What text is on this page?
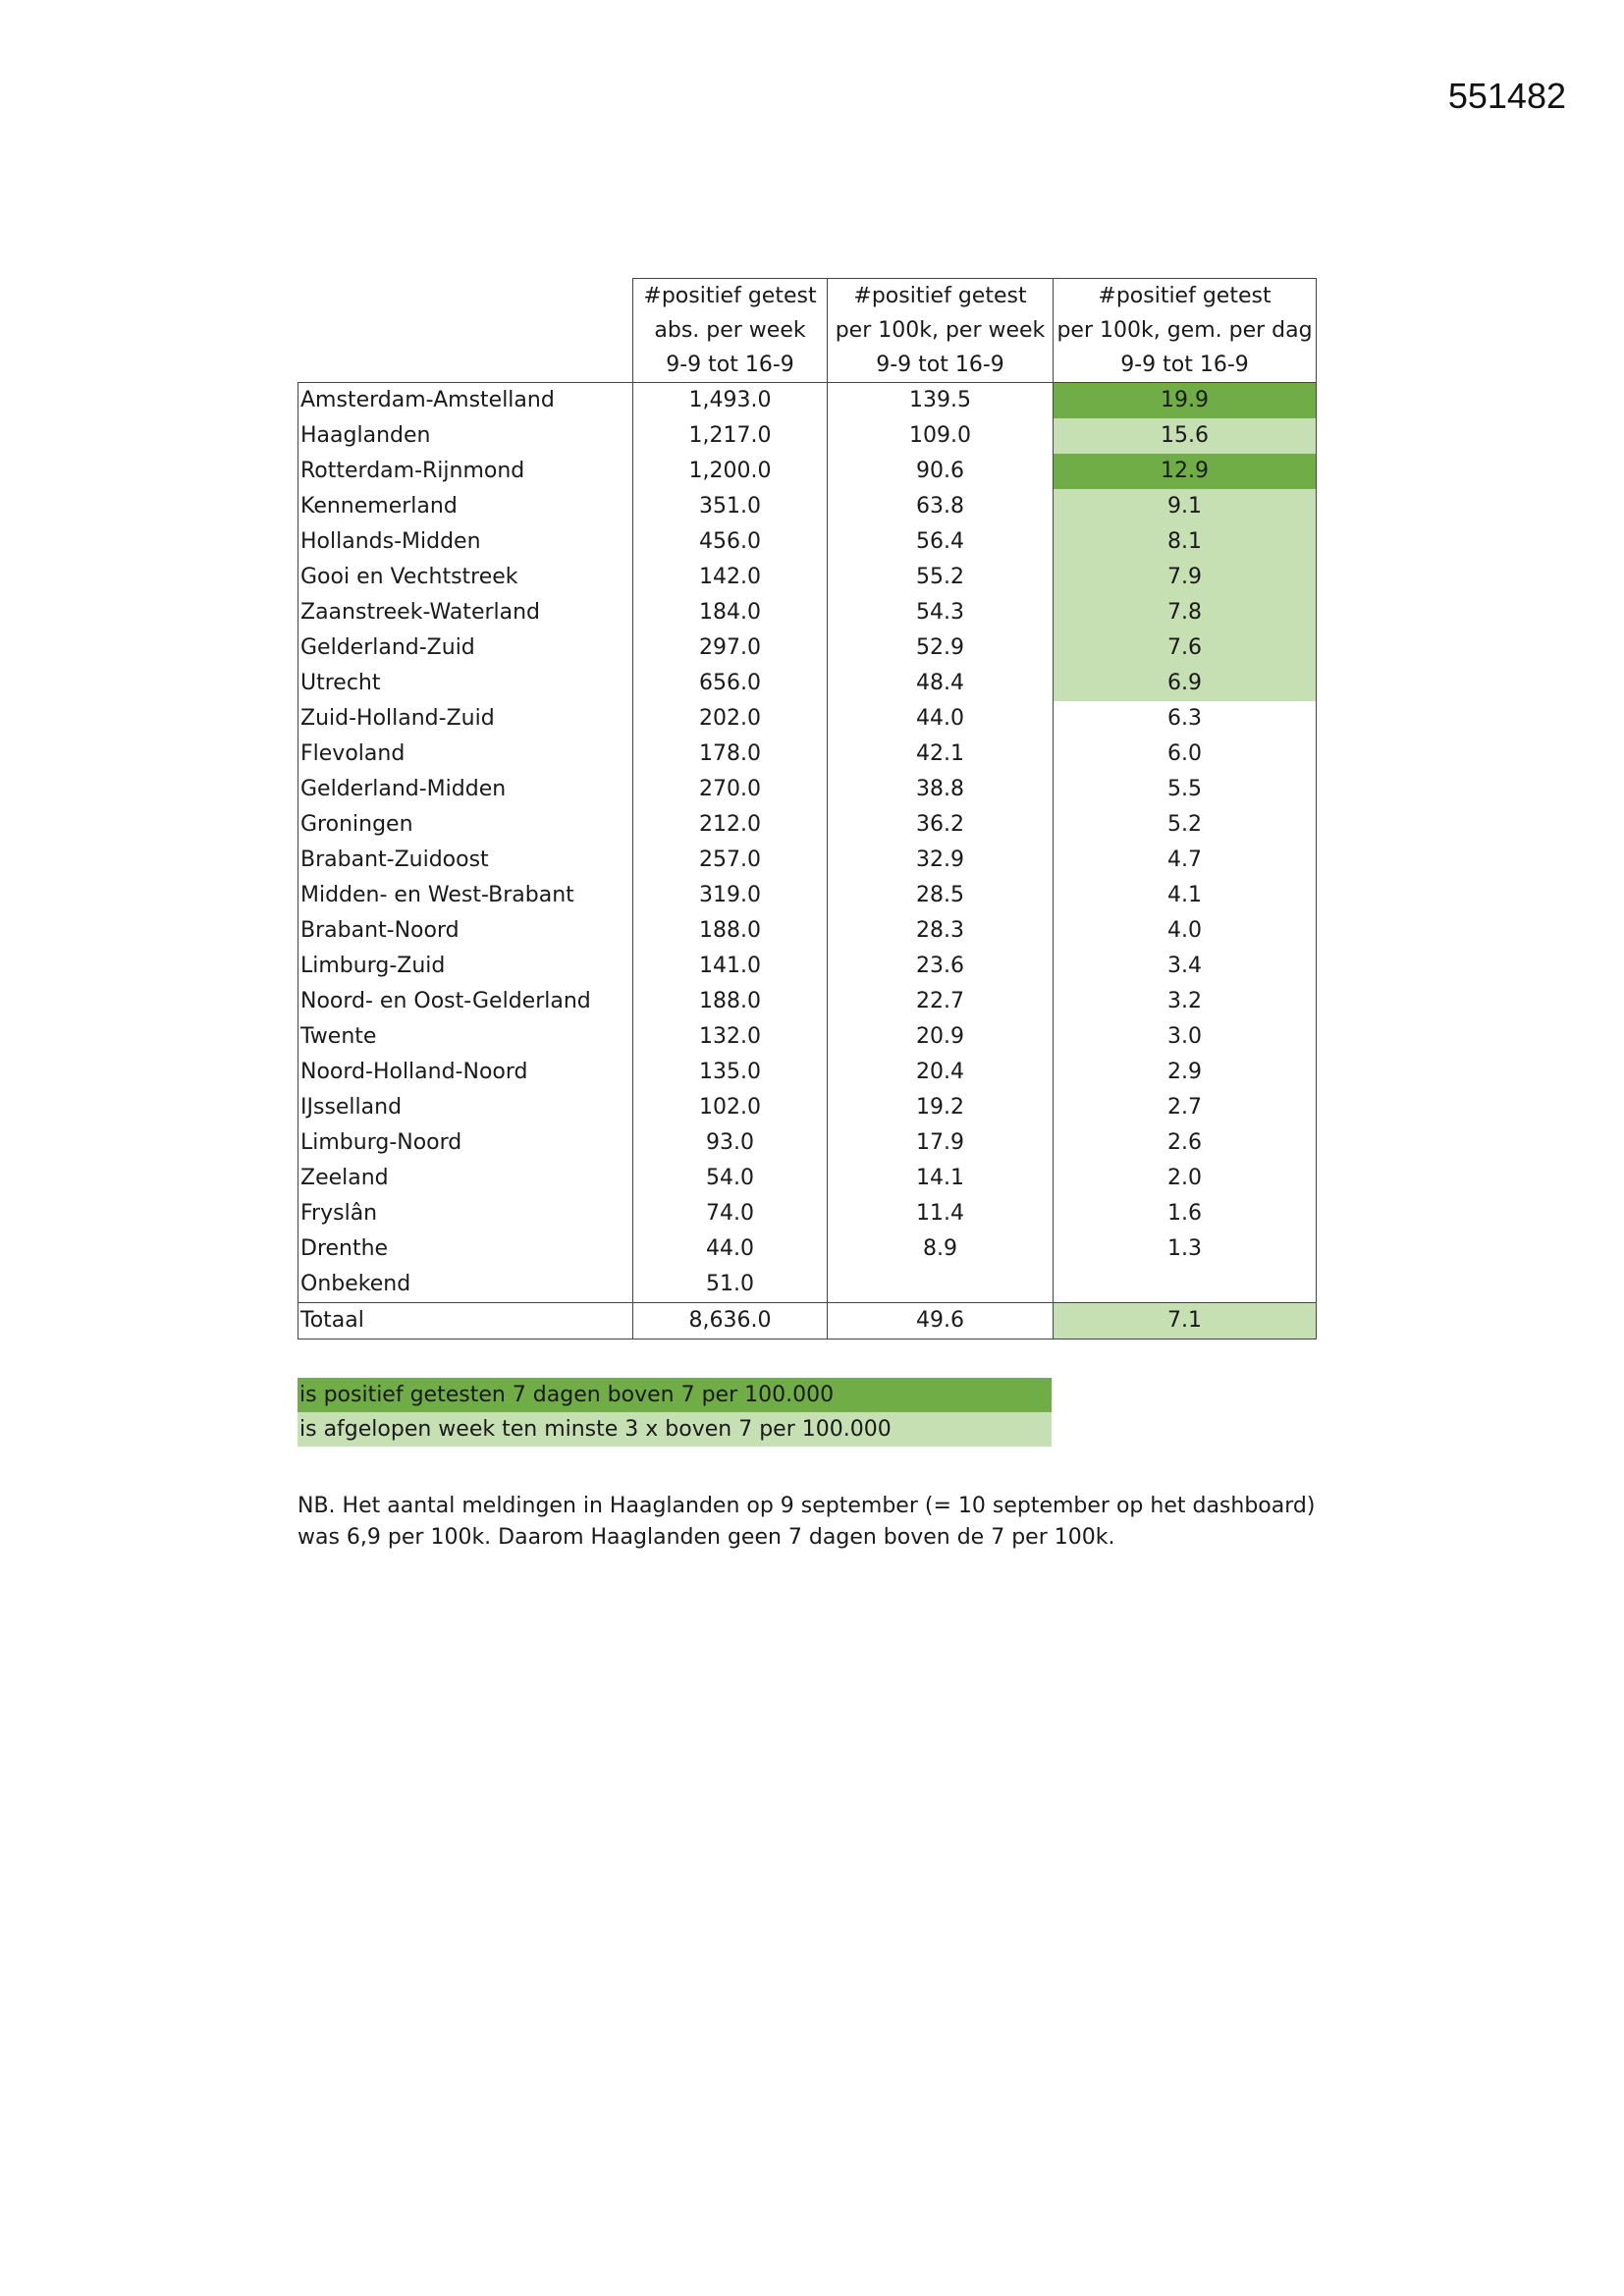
551482
	#positief getest	#positief getest	#positief getest
	abs. per week	per 100k, per week	per 100k, gem. per dag
	9-9 tot 16-9	9-9 tot 16-9	9-9 tot 16-9
Amsterdam-Amstelland	1,493.0	139.5	19.9
Haaglanden	1,217.0	109.0	15.6
Rotterdam-Rijnmond	1,200.0	90.6	12.9
Kennemerland	351.0	63.8	9.1
Hollands-Midden	456.0	56.4	8.1
Gooi en Vechtstreek	142.0	55.2	7.9
Zaanstreek-Waterland	184.0	54.3	7.8
Gelderland-Zuid	297.0	52.9	7.6
Utrecht	656.0	48.4	6.9
Zuid-Holland-Zuid	202.0	44.0	6.3
Flevoland	178.0	42.1	6.0
Gelderland-Midden	270.0	38.8	5.5
Groningen	212.0	36.2	5.2
Brabant-Zuidoost	257.0	32.9	4.7
Midden- en West-Brabant	319.0	28.5	4.1
Brabant-Noord	188.0	28.3	4.0
Limburg-Zuid	141.0	23.6	3.4
Noord- en Oost-Gelderland	188.0	22.7	3.2
Twente	132.0	20.9	3.0
Noord-Holland-Noord	135.0	20.4	2.9
IJsselland	102.0	19.2	2.7
Limburg-Noord	93.0	17.9	2.6
Zeeland	54.0	14.1	2.0
Fryslân	74.0	11.4	1.6
Drenthe	44.0	8.9	1.3
Onbekend	51.0		
Totaal	8,636.0	49.6	7.1
is positief getesten 7 dagen boven 7 per 100.000
is afgelopen week ten minste 3 x boven 7 per 100.000

NB. Het aantal meldingen in Haaglanden op 9 september (= 10 september op het dashboard)

was 6,9 per 100k. Daarom Haaglanden geen 7 dagen boven de 7 per 100k.
